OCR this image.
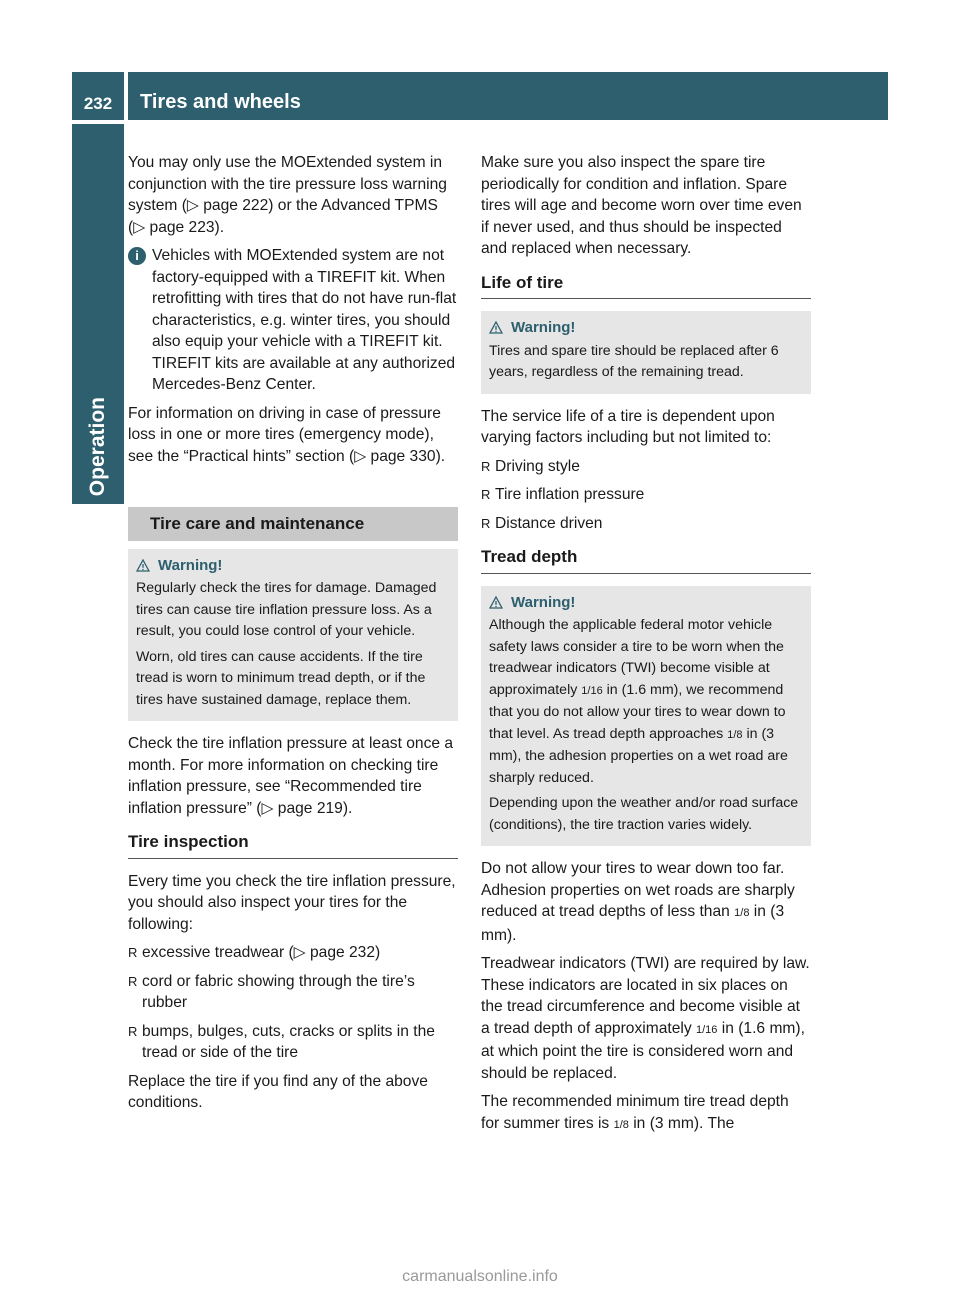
232	Tires and wheels
Operation

You may only use the MOExtended system in conjunction with the tire pressure loss warning system (▷ page 222) or the Advanced TPMS (▷ page 223).

i Vehicles with MOExtended system are not factory-equipped with a TIREFIT kit. When retrofitting with tires that do not have run-flat characteristics, e.g. winter tires, you should also equip your vehicle with a TIREFIT kit. TIREFIT kits are available at any authorized Mercedes-Benz Center.

For information on driving in case of pressure loss in one or more tires (emergency mode), see the “Practical hints” section (▷ page 330).

Tire care and maintenance
Warning!

Regularly check the tires for damage. Damaged tires can cause tire inflation pressure loss. As a result, you could lose control of your vehicle.

Worn, old tires can cause accidents. If the tire tread is worn to minimum tread depth, or if the tires have sustained damage, replace them.

Check the tire inflation pressure at least once a month. For more information on checking tire inflation pressure, see “Recommended tire inflation pressure” (▷ page 219).

Tire inspection

Every time you check the tire inflation pressure, you should also inspect your tires for the following:

R excessive treadwear (▷ page 232)
R cord or fabric showing through the tire’s rubber
R bumps, bulges, cuts, cracks or splits in the tread or side of the tire

Replace the tire if you find any of the above conditions.

Make sure you also inspect the spare tire periodically for condition and inflation. Spare tires will age and become worn over time even if never used, and thus should be inspected and replaced when necessary.

Life of tire
Warning!

Tires and spare tire should be replaced after 6 years, regardless of the remaining tread.

The service life of a tire is dependent upon varying factors including but not limited to:

R Driving style
R Tire inflation pressure
R Distance driven
Tread depth
Warning!

Although the applicable federal motor vehicle safety laws consider a tire to be worn when the treadwear indicators (TWI) become visible at approximately 1/16 in (1.6 mm), we recommend that you do not allow your tires to wear down to that level. As tread depth approaches 1/8 in (3 mm), the adhesion properties on a wet road are sharply reduced.

Depending upon the weather and/or road surface (conditions), the tire traction varies widely.

Do not allow your tires to wear down too far. Adhesion properties on wet roads are sharply reduced at tread depths of less than 1/8 in (3 mm).

Treadwear indicators (TWI) are required by law. These indicators are located in six places on the tread circumference and become visible at a tread depth of approximately 1/16 in (1.6 mm), at which point the tire is considered worn and should be replaced.

The recommended minimum tire tread depth for summer tires is 1/8 in (3 mm). The

carmanualsonline.info
